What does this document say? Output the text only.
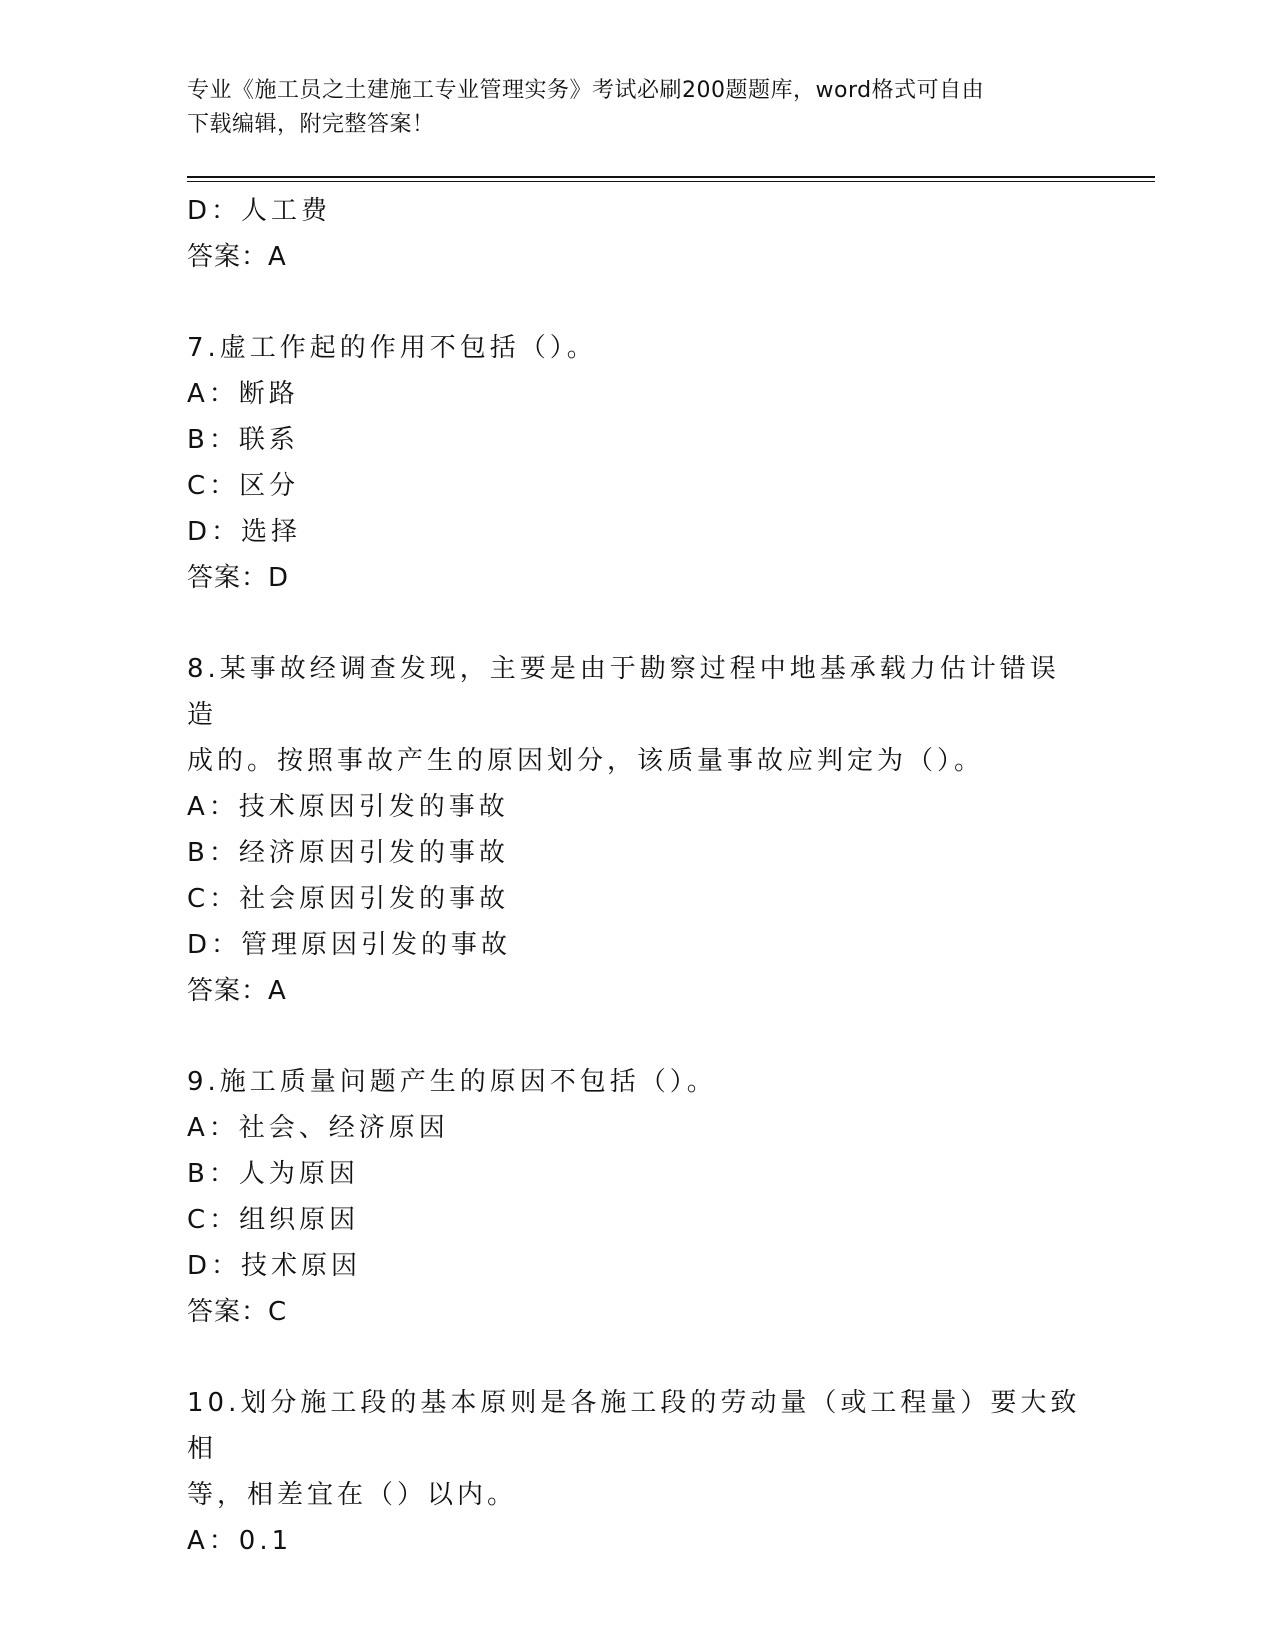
专业《施工员之土建施工专业管理实务》考试必刷200题题库，word格式可自由
下载编辑，附完整答案！
D：人工费
答案：A
7.虚工作起的作用不包括（）。
A：断路
B：联系
C：区分
D：选择
答案：D
8.某事故经调查发现，主要是由于勘察过程中地基承载力估计错误造
成的。按照事故产生的原因划分，该质量事故应判定为（）。
A：技术原因引发的事故
B：经济原因引发的事故
C：社会原因引发的事故
D：管理原因引发的事故
答案：A
9.施工质量问题产生的原因不包括（）。
A：社会、经济原因
B：人为原因
C：组织原因
D：技术原因
答案：C
10.划分施工段的基本原则是各施工段的劳动量（或工程量）要大致相
等，相差宜在（）以内。
A：0.1
